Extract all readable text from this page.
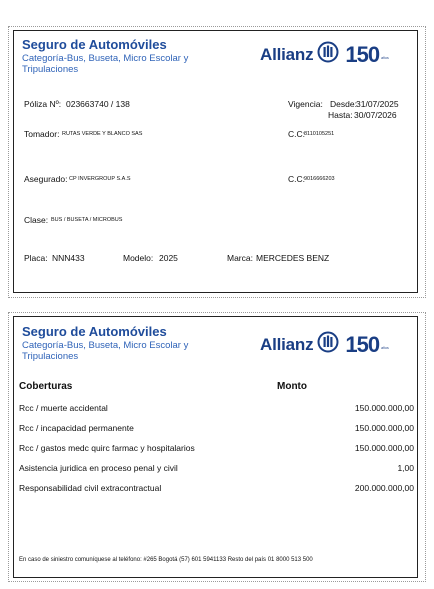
Seguro de Automóviles
Categoría-Bus, Buseta, Micro Escolar y Tripulaciones
Allianz 150 años
Póliza Nº: 023663740 / 138	Vigencia: Desde: 31/07/2025
Hasta: 30/07/2026
Tomador: RUTAS VERDE Y BLANCO SAS	C.C: 8110105251
Asegurado: CP INVERGROUP S.A.S	C.C: 9016666203
Clase: BUS / BUSETA / MICROBUS
Placa: NNN433	Modelo: 2025	Marca: MERCEDES BENZ
Seguro de Automóviles
Categoría-Bus, Buseta, Micro Escolar y Tripulaciones
Allianz 150 años
Coberturas	Monto
Rcc / muerte accidental	150.000.000,00
Rcc / incapacidad permanente	150.000.000,00
Rcc / gastos medc quirc farmac y hospitalarios	150.000.000,00
Asistencia juridica en proceso penal y civil	1,00
Responsabilidad civil extracontractual	200.000.000,00
En caso de siniestro comuníquese al teléfono: #265 Bogotá (57) 601 5941133 Resto del país 01 8000 513 500
